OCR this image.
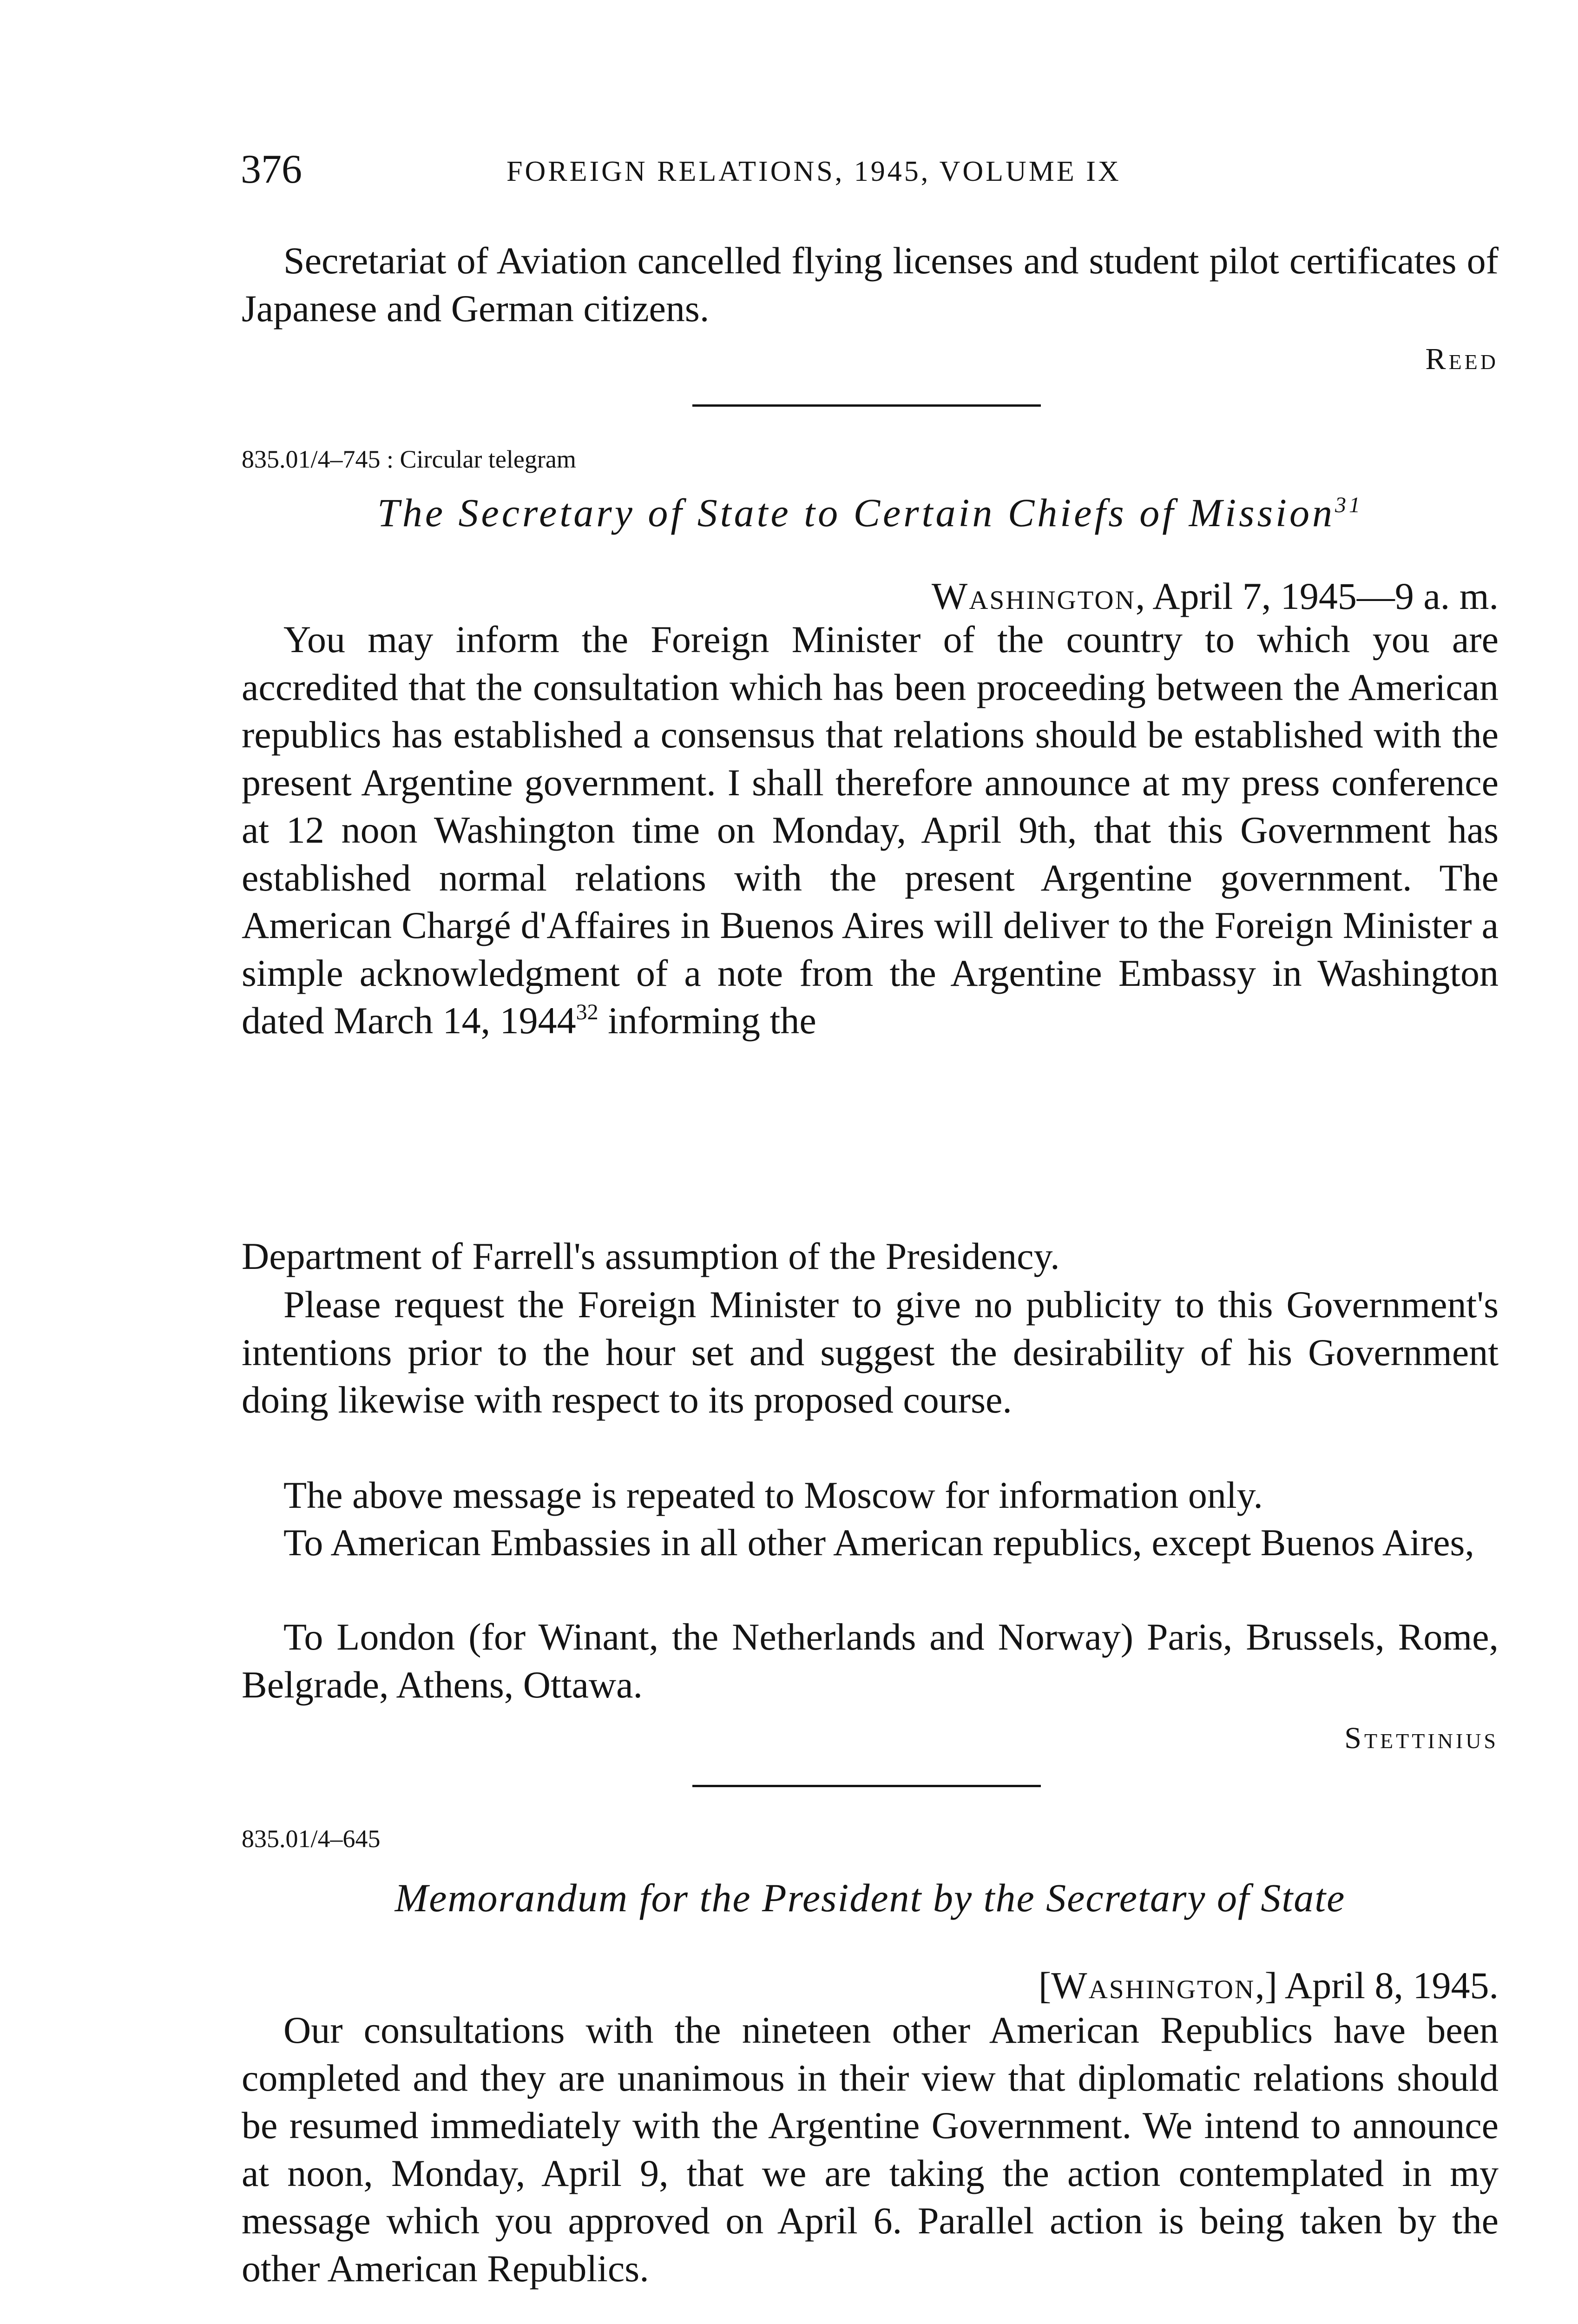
376	FOREIGN RELATIONS, 1945, VOLUME IX

Secretariat of Aviation cancelled flying licenses and student pilot certificates of Japanese and German citizens.

Reed
835.01/4–745 : Circular telegram
The Secretary of State to Certain Chiefs of Mission$^{31}$
Washington, April 7, 1945—9 a. m.

You may inform the Foreign Minister of the country to which you are accredited that the consultation which has been proceeding between the American republics has established a consensus that relations should be established with the present Argentine government. I shall therefore announce at my press conference at 12 noon Washington time on Monday, April 9th, that this Government has established normal relations with the present Argentine government. The American Chargé d'Affaires in Buenos Aires will deliver to the Foreign Minister a simple acknowledgment of a note from the Argentine Embassy in Washington dated March 14, 1944$^{32}$ informing the

Department of Farrell's assumption of the Presidency.

Please request the Foreign Minister to give no publicity to this Government's intentions prior to the hour set and suggest the desirability of his Government doing likewise with respect to its proposed course.

The above message is repeated to Moscow for information only.

To American Embassies in all other American republics, except Buenos Aires,

To London (for Winant, the Netherlands and Norway) Paris, Brussels, Rome, Belgrade, Athens, Ottawa.

Stettinius
835.01/4–645
Memorandum for the President by the Secretary of State
[Washington,] April 8, 1945.

Our consultations with the nineteen other American Republics have been completed and they are unanimous in their view that diplomatic relations should be resumed immediately with the Argentine Government. We intend to announce at noon, Monday, April 9, that we are taking the action contemplated in my message which you approved on April 6. Parallel action is being taken by the other American Republics.
